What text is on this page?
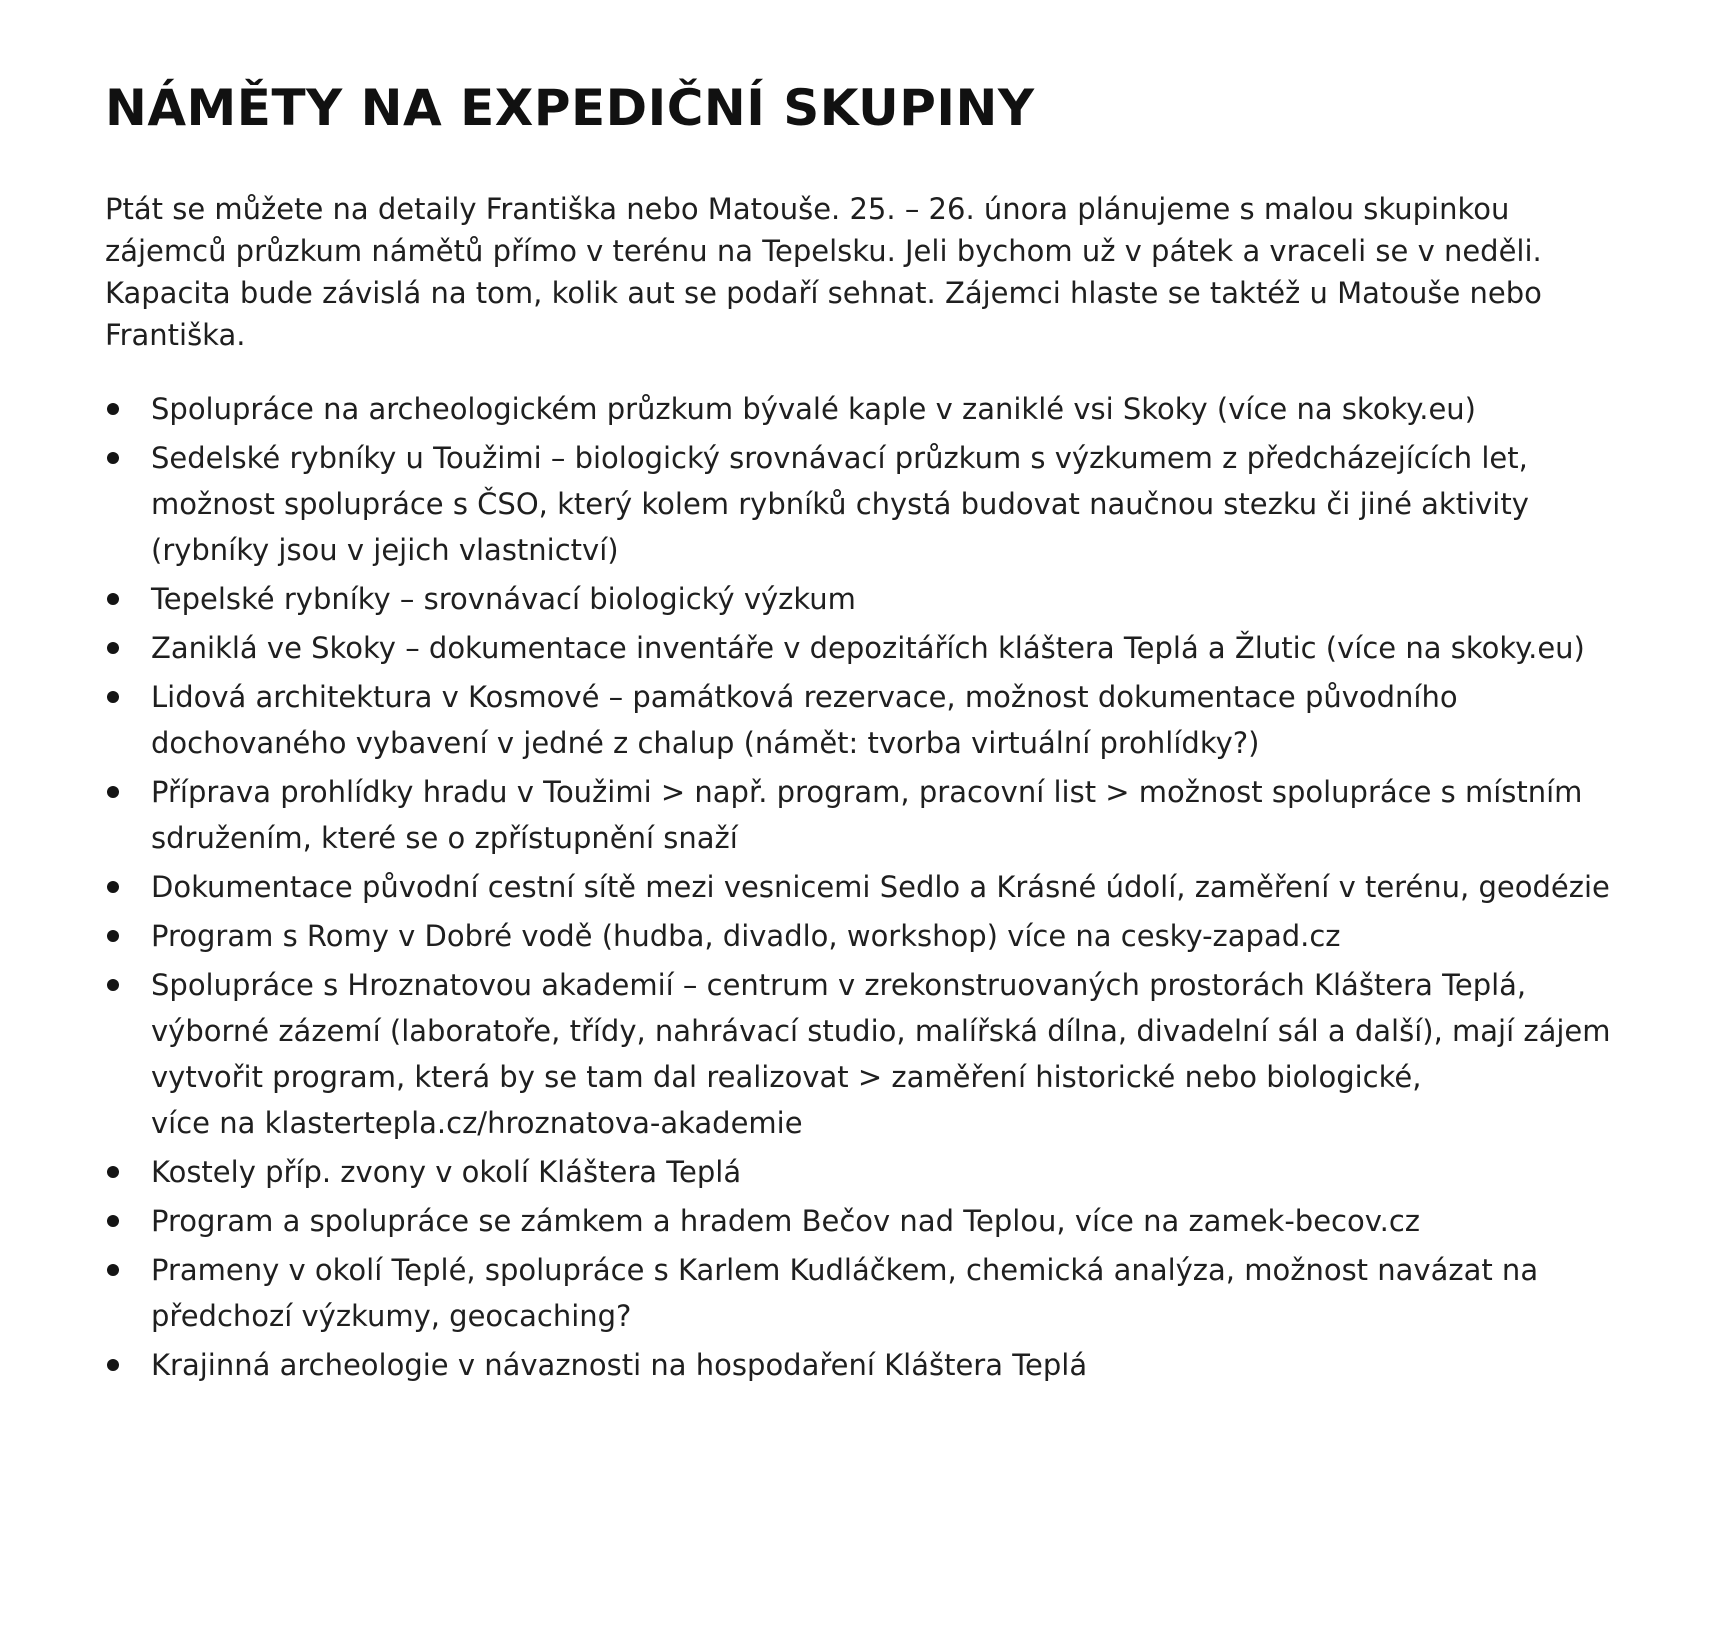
NÁMĚTY NA EXPEDIČNÍ SKUPINY

Ptát se můžete na detaily Františka nebo Matouše. 25. – 26. února plánujeme s malou skupinkou zájemců průzkum námětů přímo v terénu na Tepelsku. Jeli bychom už v pátek a vraceli se v neděli. Kapacita bude závislá na tom, kolik aut se podaří sehnat. Zájemci hlaste se taktéž u Matouše nebo Františka.

Spolupráce na archeologickém průzkum bývalé kaple v zaniklé vsi Skoky (více na skoky.eu)
Sedelské rybníky u Toužimi – biologický srovnávací průzkum s výzkumem z předcházejících let, možnost spolupráce s ČSO, který kolem rybníků chystá budovat naučnou stezku či jiné aktivity (rybníky jsou v jejich vlastnictví)
Tepelské rybníky – srovnávací biologický výzkum
Zaniklá ve Skoky – dokumentace inventáře v depozitářích kláštera Teplá a Žlutic (více na skoky.eu)
Lidová architektura v Kosmové – památková rezervace, možnost dokumentace původního dochovaného vybavení v jedné z chalup (námět: tvorba virtuální prohlídky?)
Příprava prohlídky hradu v Toužimi > např. program, pracovní list > možnost spolupráce s místním sdružením, které se o zpřístupnění snaží
Dokumentace původní cestní sítě mezi vesnicemi Sedlo a Krásné údolí, zaměření v terénu, geodézie
Program s Romy v Dobré vodě (hudba, divadlo, workshop) více na cesky-zapad.cz
Spolupráce s Hroznatovou akademií – centrum v zrekonstruovaných prostorách Kláštera Teplá, výborné zázemí (laboratoře, třídy, nahrávací studio, malířská dílna, divadelní sál a další), mají zájem vytvořit program, která by se tam dal realizovat > zaměření historické nebo biologické,
více na klastertepla.cz/hroznatova-akademie
Kostely příp. zvony v okolí Kláštera Teplá
Program a spolupráce se zámkem a hradem Bečov nad Teplou, více na zamek-becov.cz
Prameny v okolí Teplé, spolupráce s Karlem Kudláčkem, chemická analýza, možnost navázat na předchozí výzkumy, geocaching?
Krajinná archeologie v návaznosti na hospodaření Kláštera Teplá
